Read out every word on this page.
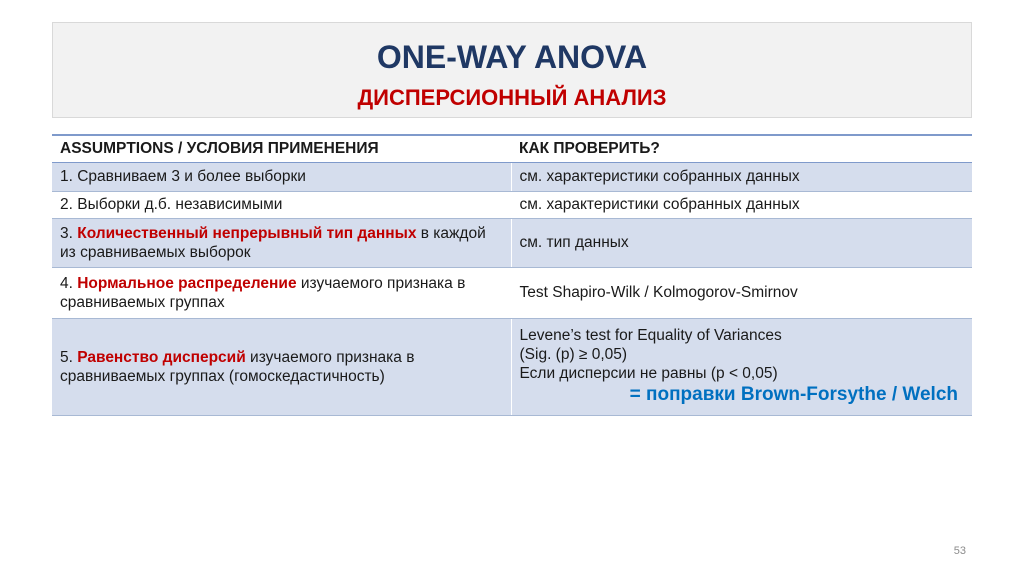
ONE-WAY ANOVA
ДИСПЕРСИОННЫЙ АНАЛИЗ
ASSUMPTIONS / УСЛОВИЯ ПРИМЕНЕНИЯ	КАК ПРОВЕРИТЬ?
1. Сравниваем 3 и более выборки	см. характеристики собранных данных
2. Выборки д.б. независимыми	см. характеристики собранных данных
3. Количественный непрерывный тип данных в каждой из сравниваемых выборок	см. тип данных
4. Нормальное распределение изучаемого признака в сравниваемых группах	Test Shapiro-Wilk / Kolmogorov-Smirnov
5. Равенство дисперсий изучаемого признака в сравниваемых группах (гомоскедастичность)	Levene’s test for Equality of Variances
(Sig. (p) ≥ 0,05)
Если дисперсии не равны (p < 0,05)
= поправки Brown-Forsythe / Welch
53
